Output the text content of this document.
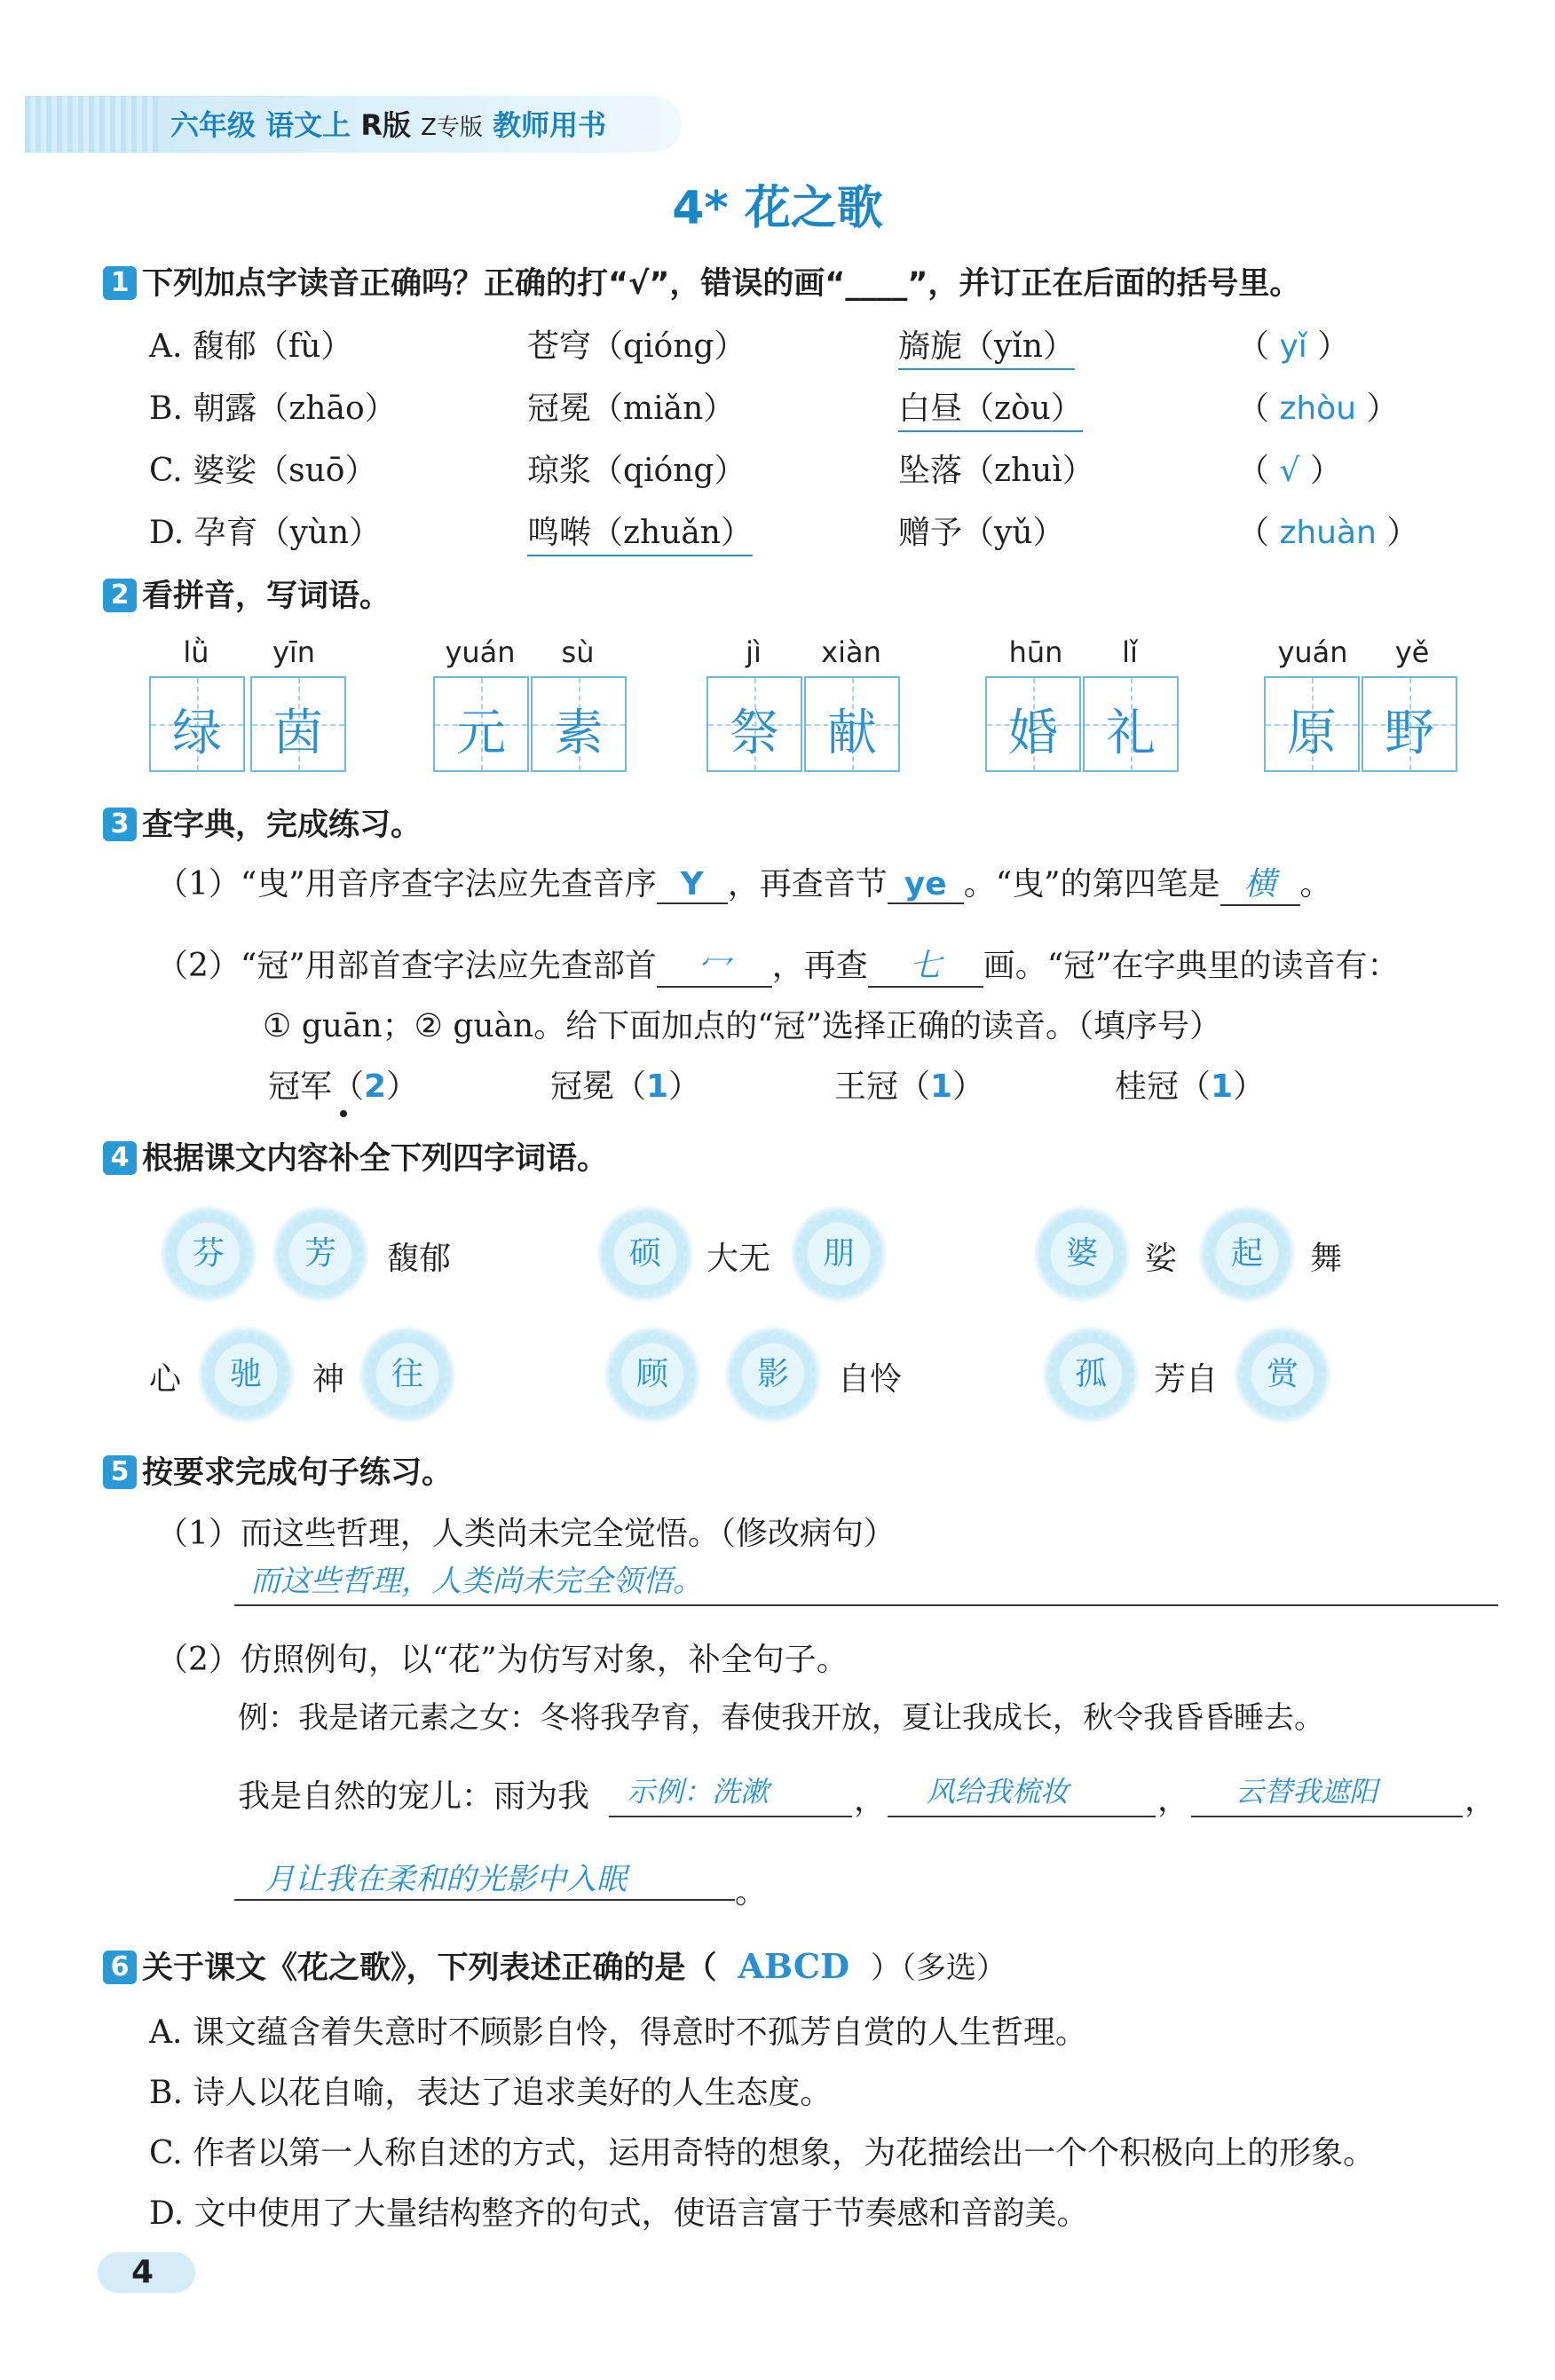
六年级 语文上 R版 Z专版 教师用书
4* 花之歌
1 下列加点字读音正确吗？正确的打“√”，错误的画“____”，并订正在后面的括号里。
A. 馥郁（fù）	苍穹（qióng）	旖旎（yǐn）	（ yǐ ）
B. 朝露（zhāo）	冠冕（miǎn）	白昼（zòu）	（ zhòu ）
C. 婆娑（suō）	琼浆（qióng）	坠落（zhuì）	（ √ ）
D. 孕育（yùn）	鸣啭（zhuǎn）	赠予（yǔ）	（ zhuàn ）
2 看拼音，写词语。
lǜ	yīn
绿	茵
yuán	sù
元 素
jì	xiàn
祭 献
hūn	lǐ
婚 礼
yuán	yě
原 野
3 查字典，完成练习。
（1）“曳”用音序查字法应先查音序 Y ，再查音节 ye 。“曳”的第四笔是 横 。
（2）“冠”用部首查字法应先查部首 冖 ，再查 七 画。“冠”在字典里的读音有：
① guān；② guàn。给下面加点的“冠”选择正确的读音。（填序号）
冠军（2）	冠冕（1）	王冠（1）	桂冠（1）
4 根据课文内容补全下列四字词语。
芬	芳	馥郁	硕	大无	朋	婆	娑	起	舞
心	驰	神	往	顾	影	自怜	孤	芳自	赏
5 按要求完成句子练习。
（1）而这些哲理，人类尚未完全觉悟。（修改病句）
而这些哲理，人类尚未完全领悟。
（2）仿照例句，以“花”为仿写对象，补全句子。
例：我是诸元素之女：冬将我孕育，春使我开放，夏让我成长，秋令我昏昏睡去。
我是自然的宠儿：雨为我 示例：洗漱	， 风给我梳妆	， 云替我遮阳	，
月让我在柔和的光影中入眠	。
6 关于课文《花之歌》，下列表述正确的是（ ABCD ）（多选）
A. 课文蕴含着失意时不顾影自怜，得意时不孤芳自赏的人生哲理。
B. 诗人以花自喻，表达了追求美好的人生态度。
C. 作者以第一人称自述的方式，运用奇特的想象，为花描绘出一个个积极向上的形象。
D. 文中使用了大量结构整齐的句式，使语言富于节奏感和音韵美。
4
